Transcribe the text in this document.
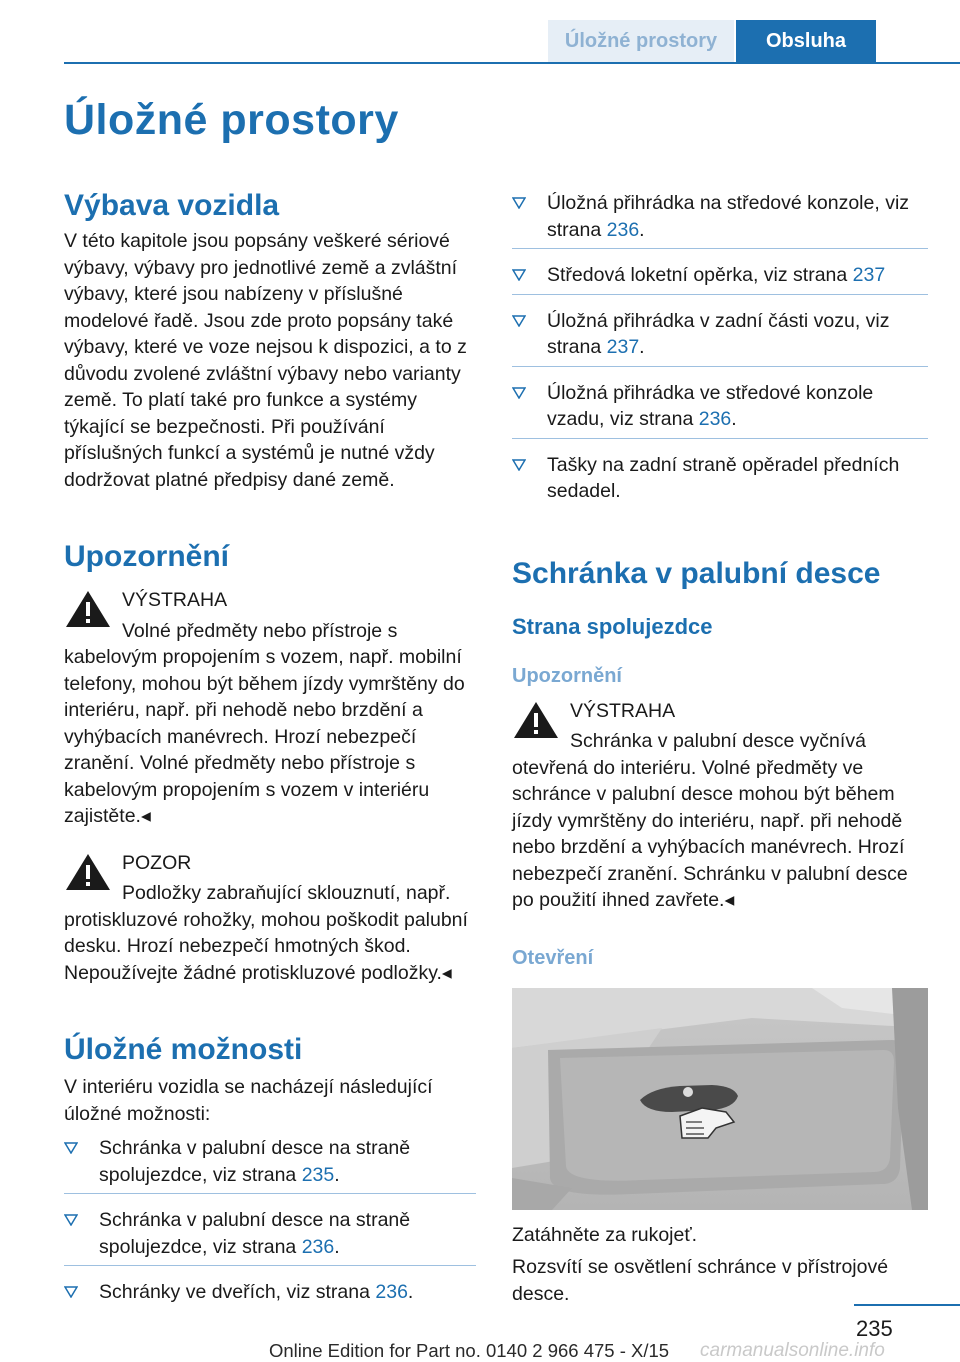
Úložné prostory	Obsluha
Úložné prostory
Výbava vozidla

V této kapitole jsou popsány veškeré sériové výbavy, výbavy pro jednotlivé země a zvláštní výbavy, které jsou nabízeny v příslušné modelové řadě. Jsou zde proto popsány také výbavy, které ve voze nejsou k dispozici, a to z důvodu zvolené zvláštní výbavy nebo varianty země. To platí také pro funkce a systémy týkající se bezpečnosti. Při používání příslušných funkcí a systémů je nutné vždy dodržovat platné předpisy dané země.

Upozornění
VÝSTRAHA

Volné předměty nebo přístroje s kabelovým propojením s vozem, např. mobilní telefony, mohou být během jízdy vymrštěny do interiéru, např. při nehodě nebo brzdění a vyhýbacích manévrech. Hrozí nebezpečí zranění. Volné předměty nebo přístroje s kabelovým propojením s vozem v interiéru zajistěte.◂

POZOR

Podložky zabraňující sklouznutí, např. protiskluzové rohožky, mohou poškodit palubní desku. Hrozí nebezpečí hmotných škod. Nepoužívejte žádné protiskluzové podložky.◂

Úložné možnosti

V interiéru vozidla se nacházejí následující úložné možnosti:

Schránka v palubní desce na straně spolujezdce, viz strana 235.
Schránka v palubní desce na straně spolujezdce, viz strana 236.
Schránky ve dveřích, viz strana 236.
Úložná přihrádka na středové konzole, viz strana 236.
Středová loketní opěrka, viz strana 237
Úložná přihrádka v zadní části vozu, viz strana 237.
Úložná přihrádka ve středové konzole vzadu, viz strana 236.
Tašky na zadní straně opěradel předních sedadel.
Schránka v palubní desce
Strana spolujezdce
Upozornění
VÝSTRAHA

Schránka v palubní desce vyčnívá otevřená do interiéru. Volné předměty ve schránce v palubní desce mohou být během jízdy vymrštěny do interiéru, např. při nehodě nebo brzdění a vyhýbacích manévrech. Hrozí nebezpečí zranění. Schránku v palubní desce po použití ihned zavřete.◂

Otevření

Zatáhněte za rukojeť.

Rozsvítí se osvětlení schránce v přístrojové desce.

235
Online Edition for Part no. 0140 2 966 475 - X/15 carmanualsonline.info
